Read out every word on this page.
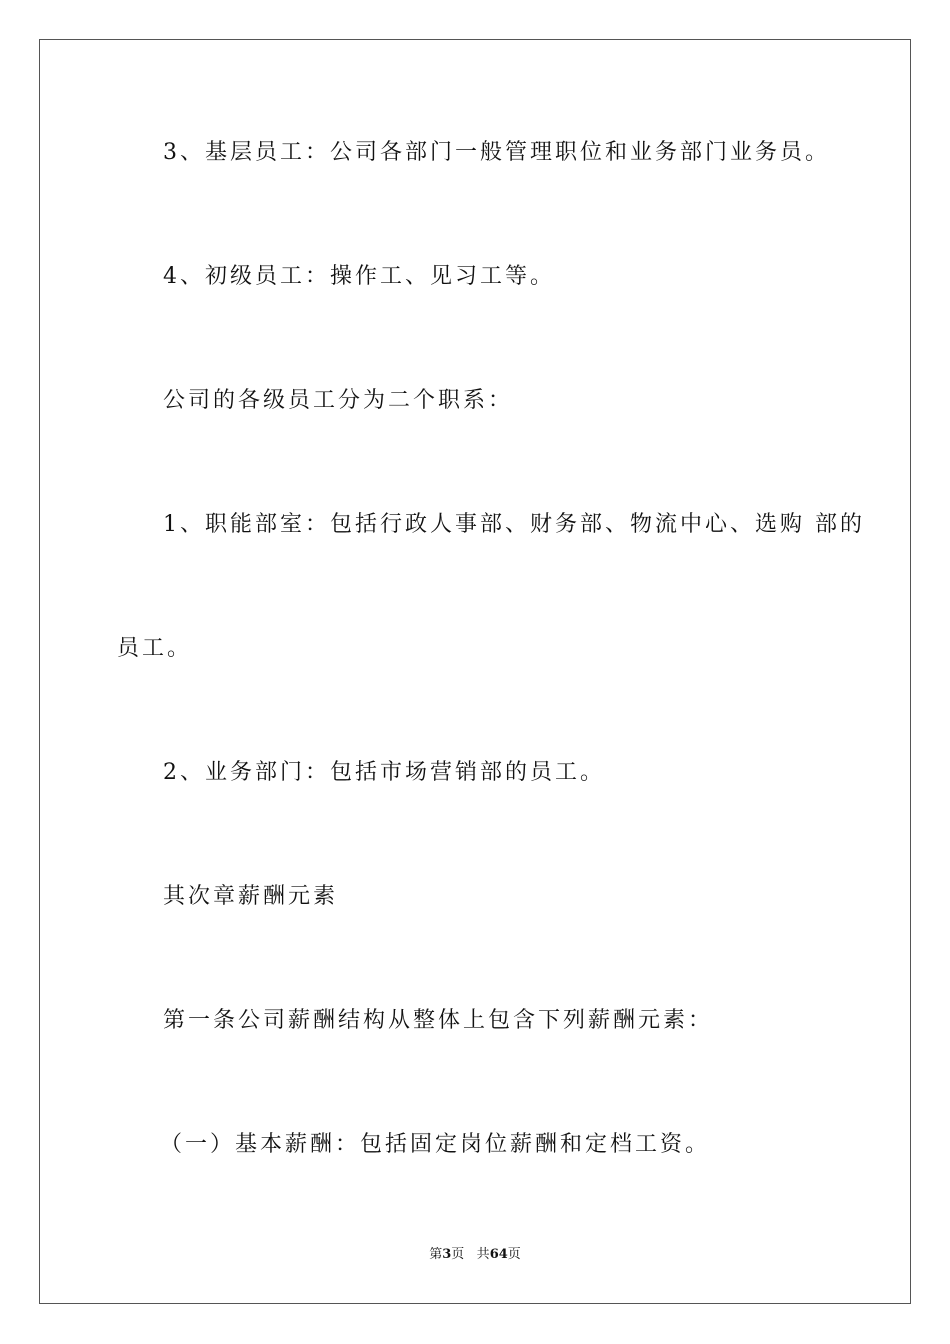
3、基层员工：公司各部门一般管理职位和业务部门业务员。
4、初级员工：操作工、见习工等。
公司的各级员工分为二个职系：
1、职能部室：包括行政人事部、财务部、物流中心、选购 部的
员工。
2、业务部门：包括市场营销部的员工。
其次章薪酬元素
第一条公司薪酬结构从整体上包含下列薪酬元素：
（一）基本薪酬：包括固定岗位薪酬和定档工资。
第3页 共64页
